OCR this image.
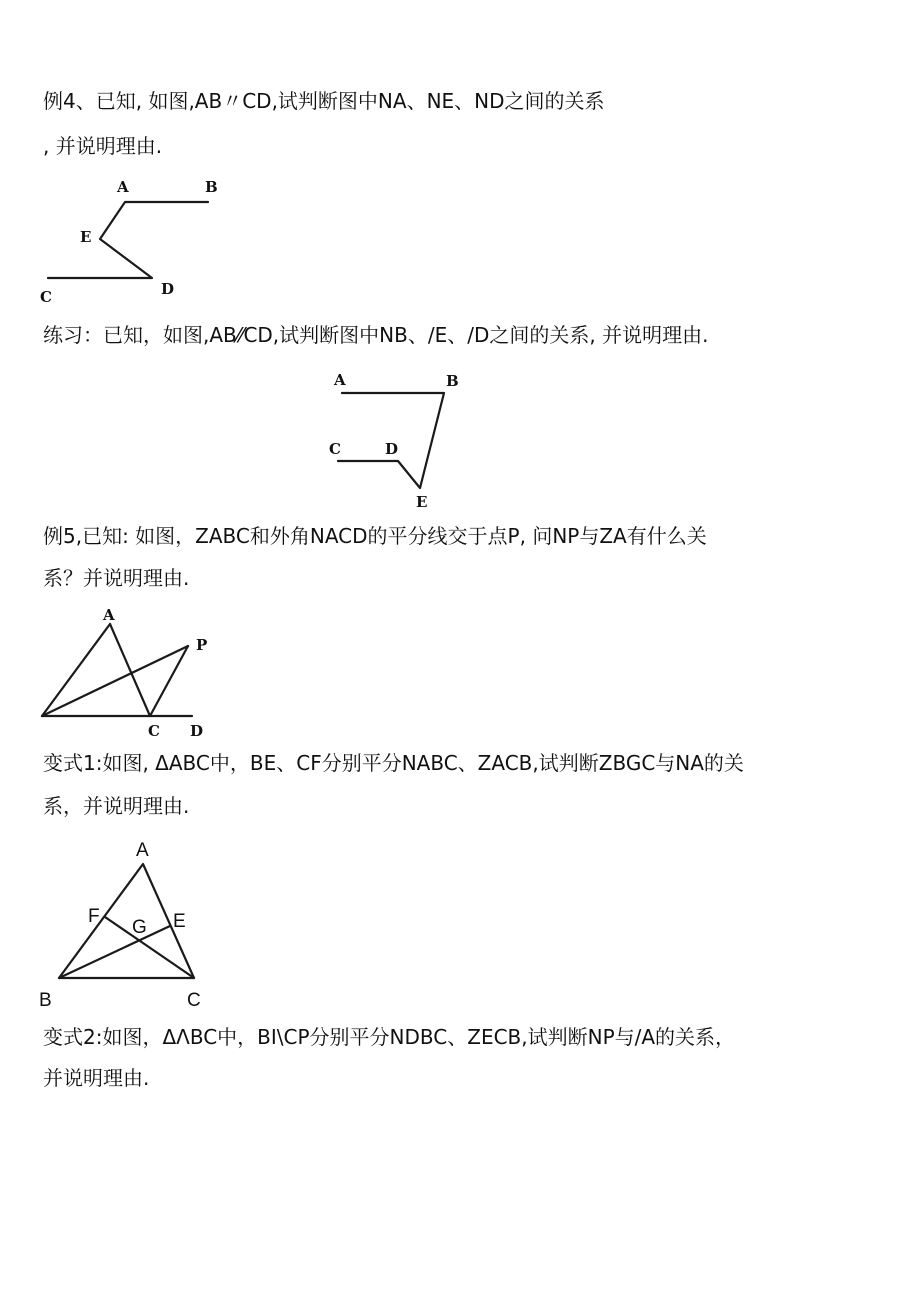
例4、已知, 如图,AB〃CD,试判断图中NA、NE、ND之间的关系
, 并说明理由.
A	B
E
C	D
练习：已知，如图,AB⁄⁄CD,试判断图中NB、/E、/D之间的关系, 并说明理由.
A	B
C	D
E
例5,已知: 如图，ZABC和外角NACD的平分线交于点P, 问NP与ZA有什么关
系？并说明理由.
A
P
C D
变式1:如图, ΔABC中，BE、CF分别平分NABC、ZACB,试判断ZBGC与NA的关
系，并说明理由.
A
F
G E
B	C
变式2:如图，ΔΛBC中，BI\CP分别平分NDBC、ZECB,试判断NP与/A的关系，
并说明理由.
